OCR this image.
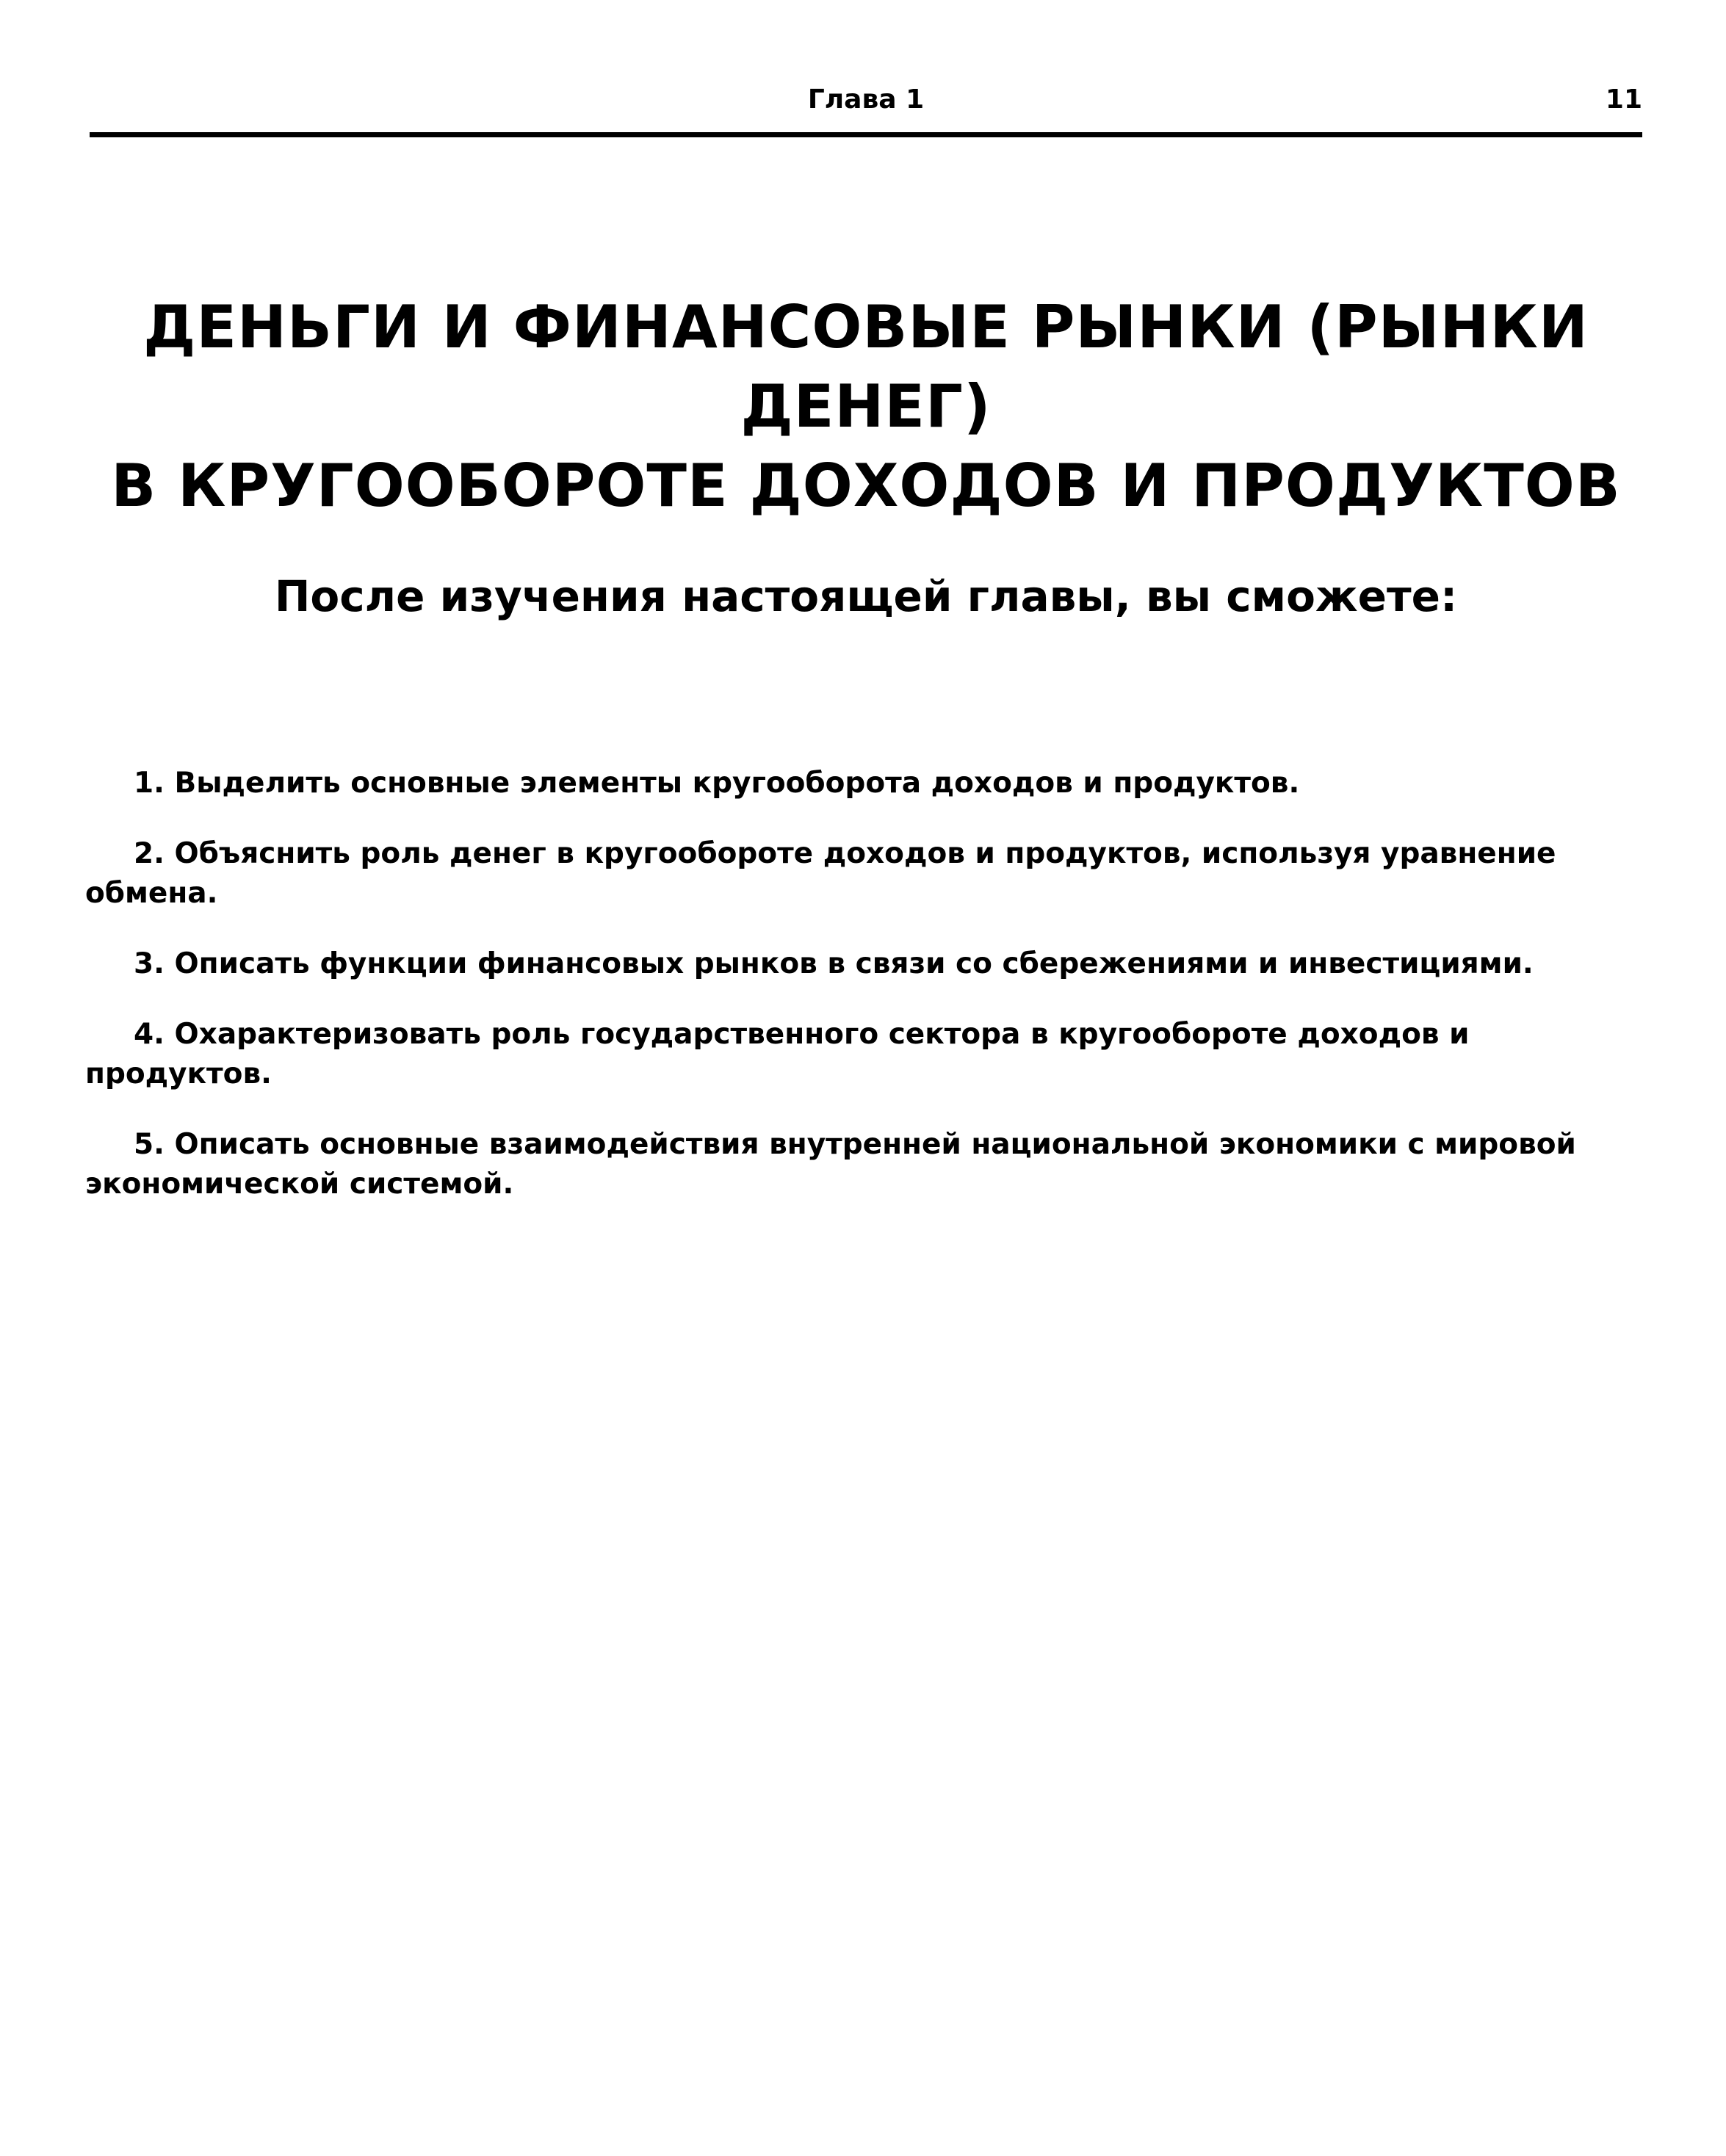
Глава 1	11
ДЕНЬГИ И ФИНАНСОВЫЕ РЫНКИ (РЫНКИ ДЕНЕГ)
В КРУГООБОРОТЕ ДОХОДОВ И ПРОДУКТОВ
После изучения настоящей главы, вы сможете:
1. Выделить основные элементы кругооборота доходов и продуктов.
2. Объяснить роль денег в кругообороте доходов и продуктов, используя уравнение обмена.
3. Описать функции финансовых рынков в связи со сбережениями и инвестициями.
4. Охарактеризовать роль государственного сектора в кругообороте доходов и продуктов.
5. Описать основные взаимодействия внутренней национальной экономики с мировой экономической системой.
